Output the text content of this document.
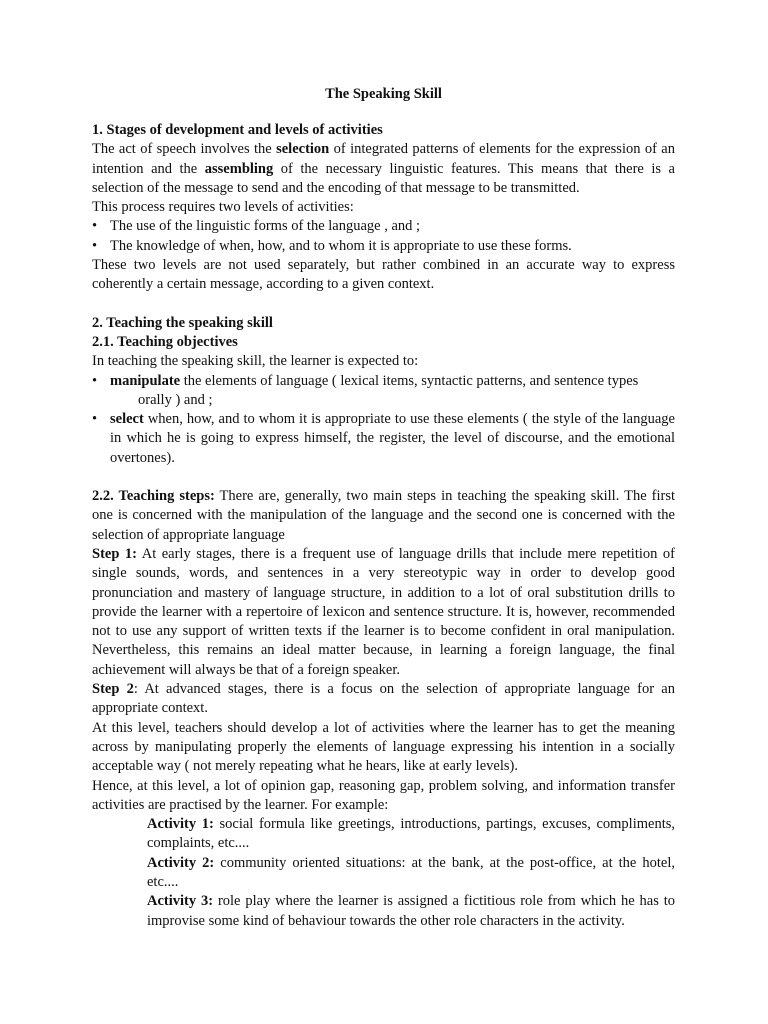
The Speaking Skill
1. Stages of development and levels of activities

The act of speech involves the selection of integrated patterns of elements for the expression of an intention and the assembling of the necessary linguistic features. This means that there is a selection of the message to send and the encoding of that message to be transmitted.

This process requires two levels of activities:

• The use of the linguistic forms of the language , and ;
• The knowledge of when, how, and to whom it is appropriate to use these forms.

These two levels are not used separately, but rather combined in an accurate way to express coherently a certain message, according to a given context.

2. Teaching the speaking skill
2.1. Teaching objectives

In teaching the speaking skill, the learner is expected to:

• manipulate the elements of language ( lexical items, syntactic patterns, and sentence types
orally ) and ;
• select when, how, and to whom it is appropriate to use these elements ( the style of the language in which he is going to express himself, the register, the level of discourse, and the emotional overtones).

2.2. Teaching steps: There are, generally, two main steps in teaching the speaking skill. The first one is concerned with the manipulation of the language and the second one is concerned with the selection of appropriate language

Step 1: At early stages, there is a frequent use of language drills that include mere repetition of single sounds, words, and sentences in a very stereotypic way in order to develop good pronunciation and mastery of language structure, in addition to a lot of oral substitution drills to provide the learner with a repertoire of lexicon and sentence structure. It is, however, recommended not to use any support of written texts if the learner is to become confident in oral manipulation. Nevertheless, this remains an ideal matter because, in learning a foreign language, the final achievement will always be that of a foreign speaker.

Step 2: At advanced stages, there is a focus on the selection of appropriate language for an appropriate context.

At this level, teachers should develop a lot of activities where the learner has to get the meaning across by manipulating properly the elements of language expressing his intention in a socially acceptable way ( not merely repeating what he hears, like at early levels).

Hence, at this level, a lot of opinion gap, reasoning gap, problem solving, and information transfer activities are practised by the learner. For example:

Activity 1: social formula like greetings, introductions, partings, excuses, compliments, complaints, etc....

Activity 2: community oriented situations: at the bank, at the post-office, at the hotel, etc....

Activity 3: role play where the learner is assigned a fictitious role from which he has to improvise some kind of behaviour towards the other role characters in the activity.
